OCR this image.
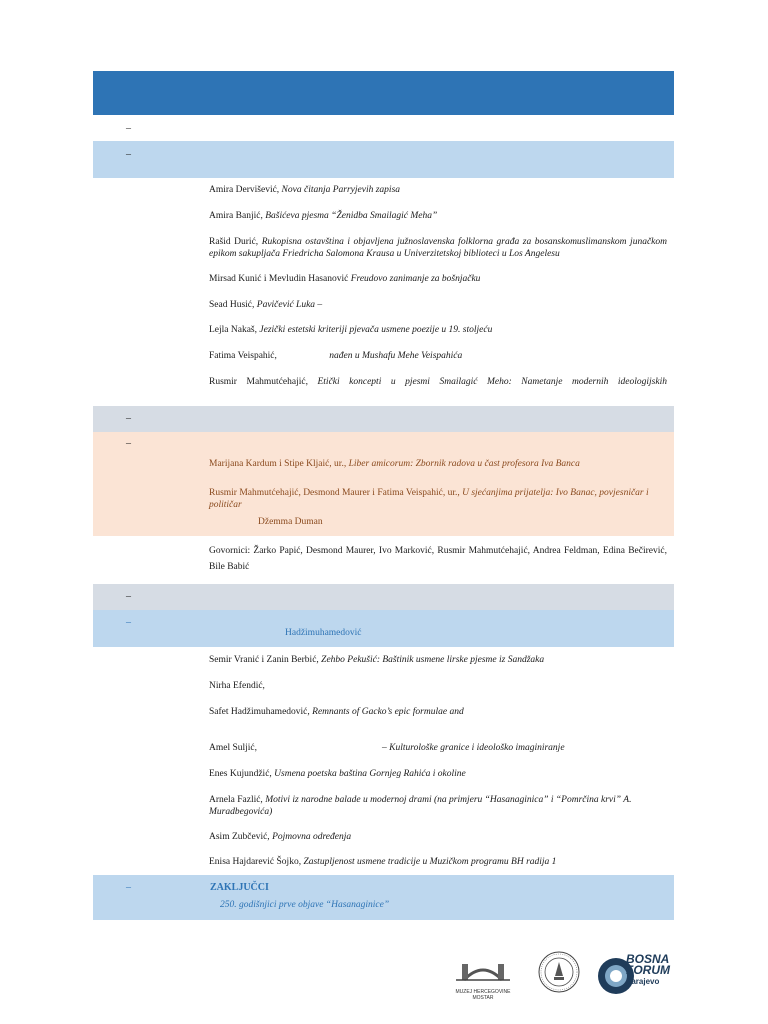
–
–
Amira Dervišević, Nova čitanja Parryjevih zapisa
Amira Banjić, Bašićeva pjesma “Ženidba Smailagić Meha”
Rašid Durić, Rukopisna ostavština i objavljena južnoslavenska folklorna građa za bosanskomuslimanskom junačkom epikom sakupljača Friedricha Salomona Krausa u Univerzitetskoj biblioteci u Los Angelesu
Mirsad Kunić i Mevludin Hasanović Freudovo zanimanje za bošnjačku
Sead Husić, Pavičević Luka –
Lejla Nakaš, Jezički estetski kriteriji pjevača usmene poezije u 19. stoljeću
Fatima Veispahić,	nađen u Mushafu Mehe Veispahića
Rusmir Mahmutćehajić, Etički koncepti u pjesmi Smailagić Meho: Nametanje modernih ideologijskih
–
–
Marijana Kardum i Stipe Kljaić, ur., Liber amicorum: Zbornik radova u čast profesora Iva Banca
Rusmir Mahmutćehajić, Desmond Maurer i Fatima Veispahić, ur., U sjećanjima prijatelja: Ivo Banac, povjesničar i političar
Džemma Duman
Govornici: Žarko Papić, Desmond Maurer, Ivo Marković, Rusmir Mahmutćehajić, Andrea Feldman, Edina Bečirević, Bile Babić
–
–
Hadžimuhamedović
Semir Vranić i Zanin Berbić, Zehbo Pekušić: Baštinik usmene lirske pjesme iz Sandžaka
Nirha Efendić,
Safet Hadžimuhamedović, Remnants of Gacko’s epic formulae and
Amel Suljić,	– Kulturološke granice i ideološko imaginiranje
Enes Kujundžić, Usmena poetska baština Gornjeg Rahića i okoline
Arnela Fazlić, Motivi iz narodne balade u modernoj drami (na primjeru “Hasanaginica” i “Pomrčina krvi” A. Muradbegovića)
Asim Zubčević, Pojmovna određenja
Enisa Hajdarević Šojko, Zastupljenost usmene tradicije u Muzičkom programu BH radija 1
–	ZAKLJUČCI
250. godišnjici prve objave “Hasanaginice”
MUZEJ HERCEGOVINE
MOSTAR
BOSNA
FORUM
Sarajevo
